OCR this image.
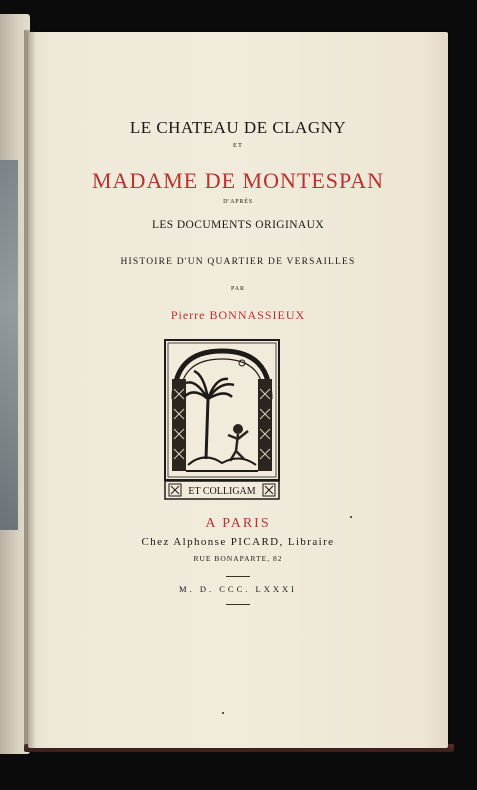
LE CHATEAU DE CLAGNY
ET
MADAME DE MONTESPAN
D'APRÈS
LES DOCUMENTS ORIGINAUX
HISTOIRE D'UN QUARTIER DE VERSAILLES
PAR
Pierre BONNASSIEUX
ET COLLIGAM
A PARIS
Chez Alphonse PICARD, Libraire
RUE BONAPARTE, 82
M. D. CCC. LXXXI
